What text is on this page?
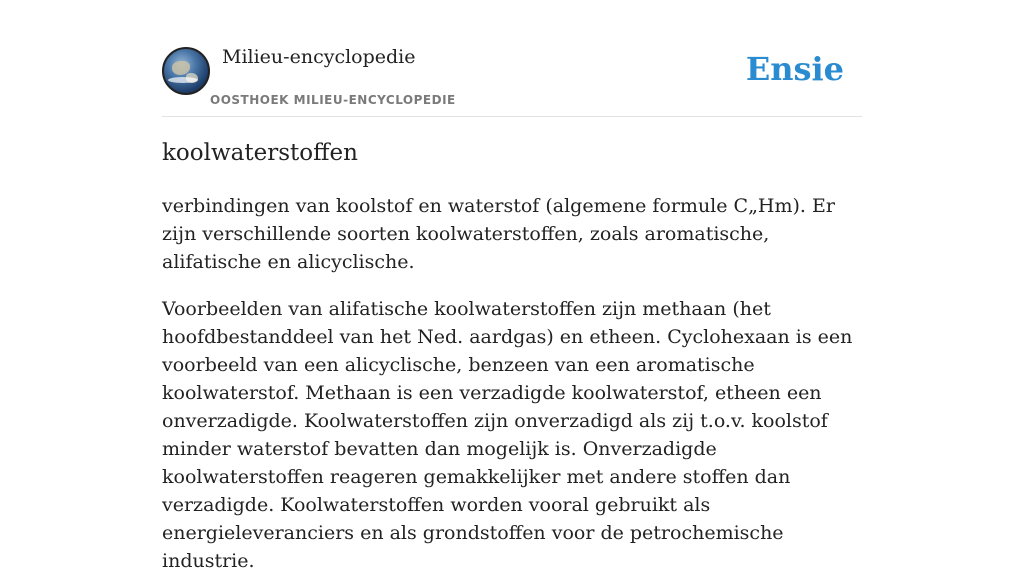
Milieu-encyclopedie
OOSTHOEK MILIEU-ENCYCLOPEDIE
Ensie
koolwaterstoffen

verbindingen van koolstof en waterstof (algemene formule C„Hm). Er zijn verschillende soorten koolwaterstoffen, zoals aromatische, alifatische en alicyclische.

Voorbeelden van alifatische koolwaterstoffen zijn methaan (het hoofdbestanddeel van het Ned. aardgas) en etheen. Cyclohexaan is een voorbeeld van een alicyclische, benzeen van een aromatische koolwaterstof. Methaan is een verzadigde koolwaterstof, etheen een onverzadigde. Koolwaterstoffen zijn onverzadigd als zij t.o.v. koolstof minder waterstof bevatten dan mogelijk is. Onverzadigde koolwaterstoffen reageren gemakkelijker met andere stoffen dan verzadigde. Koolwaterstoffen worden vooral gebruikt als energieleveranciers en als grondstoffen voor de petrochemische industrie.
